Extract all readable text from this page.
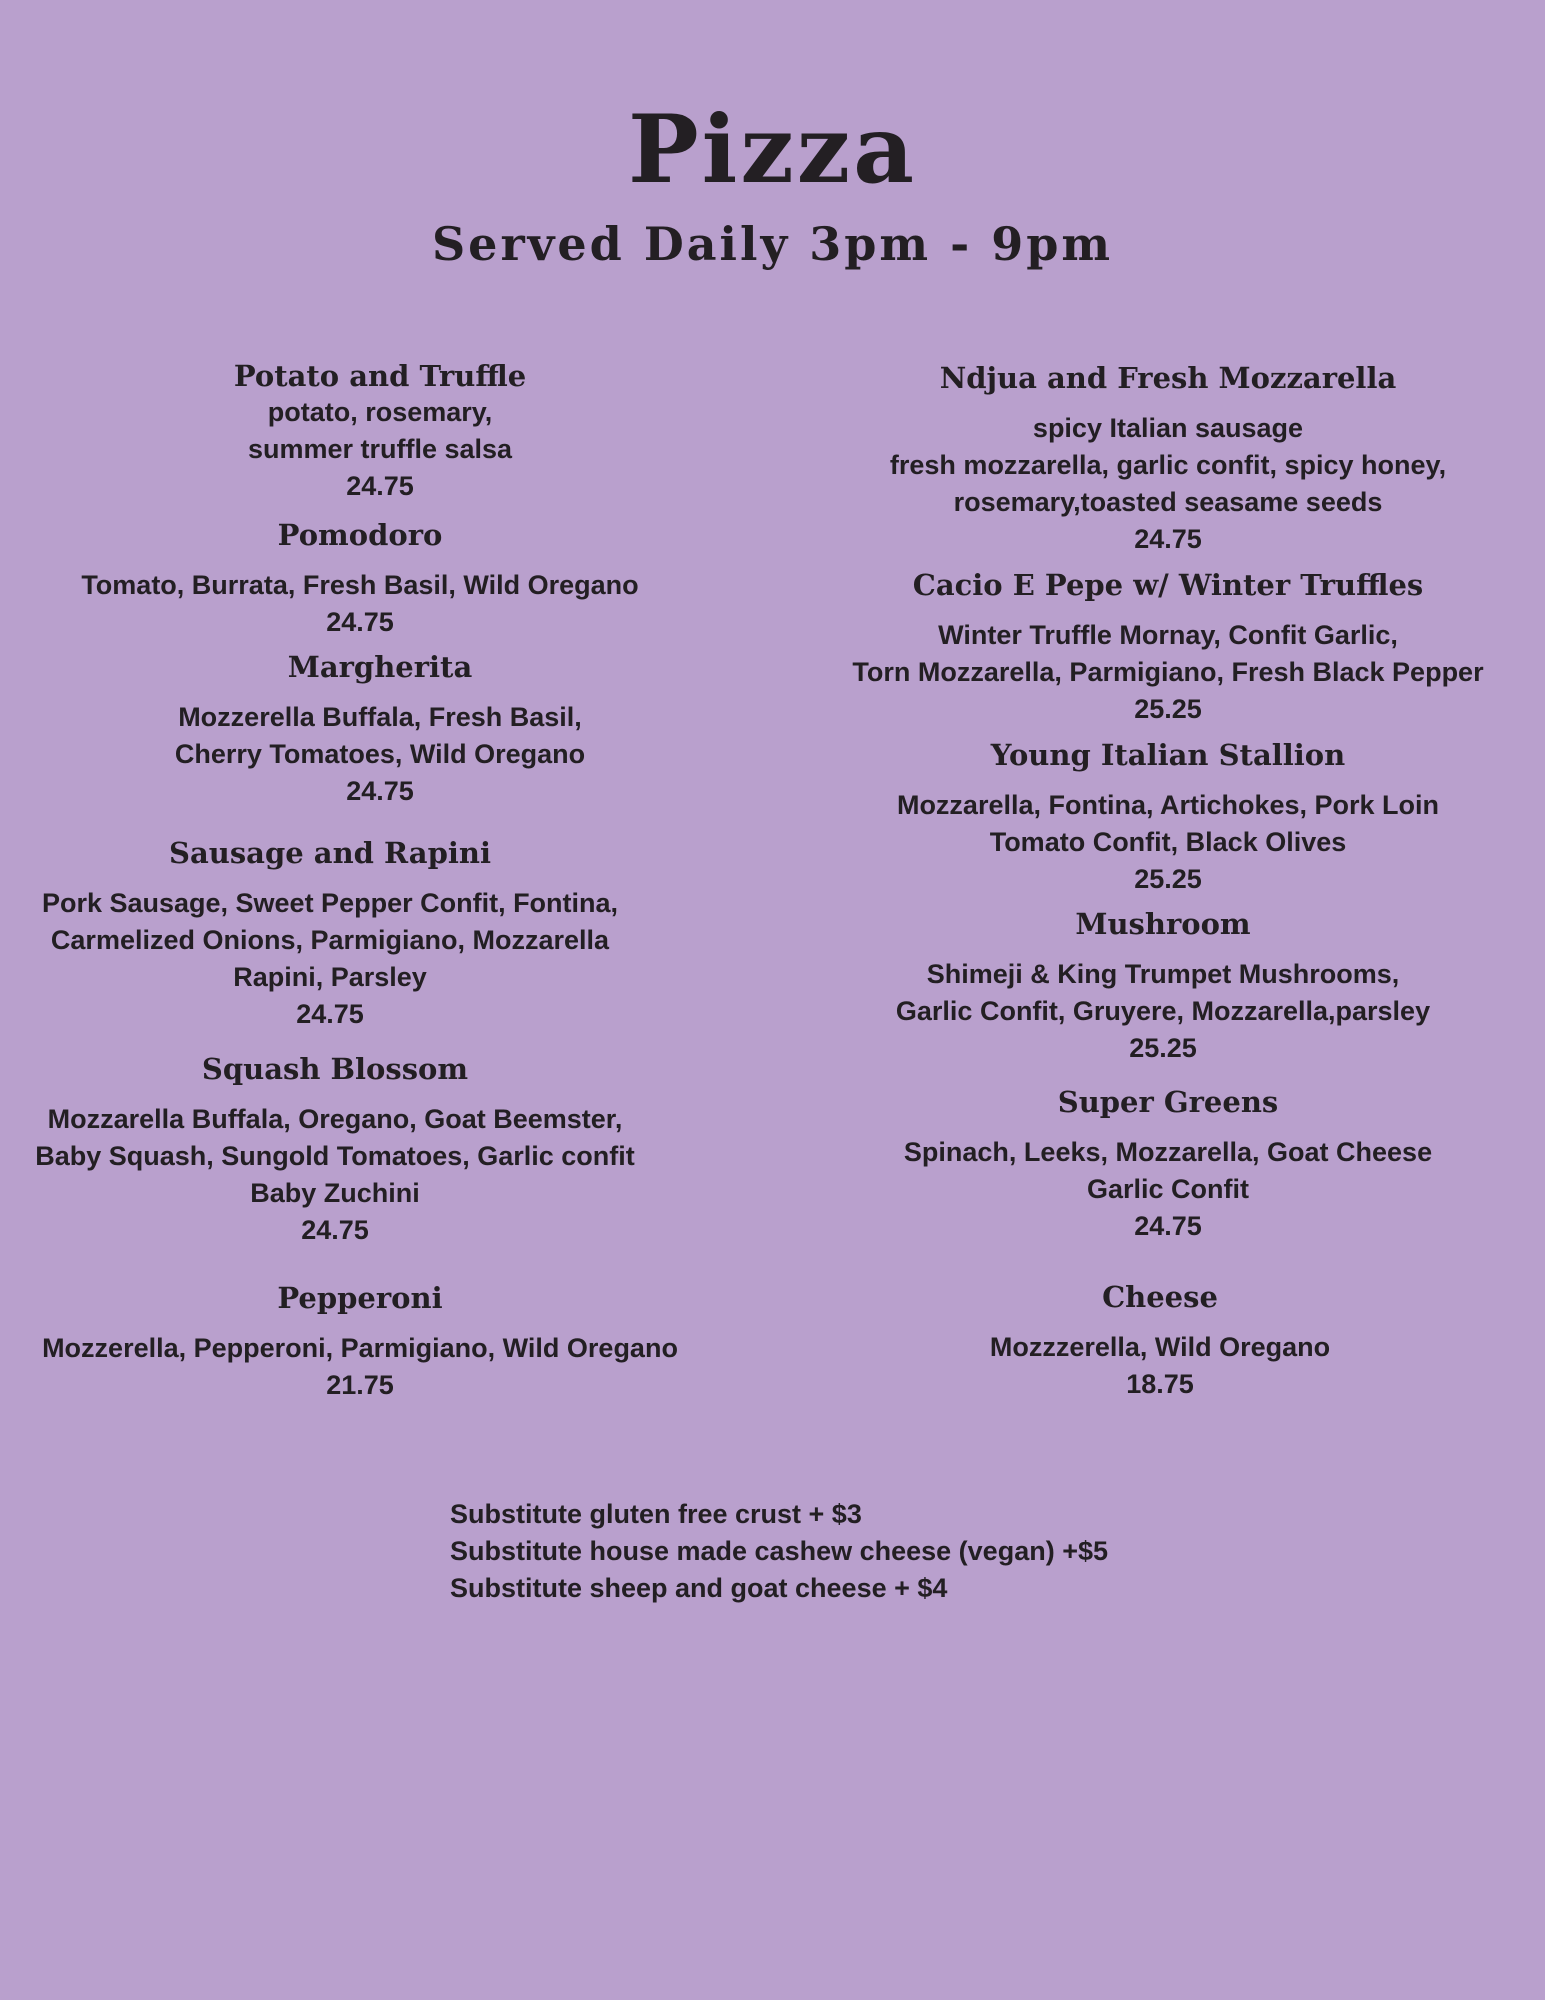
Pizza
Served Daily 3pm - 9pm
Potato and Truffle
potato, rosemary,
summer truffle salsa
24.75
Pomodoro
Tomato, Burrata, Fresh Basil, Wild Oregano
24.75
Margherita
Mozzerella Buffala, Fresh Basil,
Cherry Tomatoes, Wild Oregano
24.75
Sausage and Rapini
Pork Sausage, Sweet Pepper Confit, Fontina,
Carmelized Onions, Parmigiano, Mozzarella
Rapini, Parsley
24.75
Squash Blossom
Mozzarella Buffala, Oregano, Goat Beemster,
Baby Squash, Sungold Tomatoes, Garlic confit
Baby Zuchini
24.75
Pepperoni
Mozzerella, Pepperoni, Parmigiano, Wild Oregano
21.75
Ndjua and Fresh Mozzarella
spicy Italian sausage
fresh mozzarella, garlic confit, spicy honey,
rosemary,toasted seasame seeds
24.75
Cacio E Pepe w/ Winter Truffles
Winter Truffle Mornay, Confit Garlic,
Torn Mozzarella, Parmigiano, Fresh Black Pepper
25.25
Young Italian Stallion
Mozzarella, Fontina, Artichokes, Pork Loin
Tomato Confit, Black Olives
25.25
Mushroom
Shimeji & King Trumpet Mushrooms,
Garlic Confit, Gruyere, Mozzarella,parsley
25.25
Super Greens
Spinach, Leeks, Mozzarella, Goat Cheese
Garlic Confit
24.75
Cheese
Mozzzerella, Wild Oregano
18.75
Substitute gluten free crust + $3
Substitute house made cashew cheese (vegan) +$5
Substitute sheep and goat cheese + $4
